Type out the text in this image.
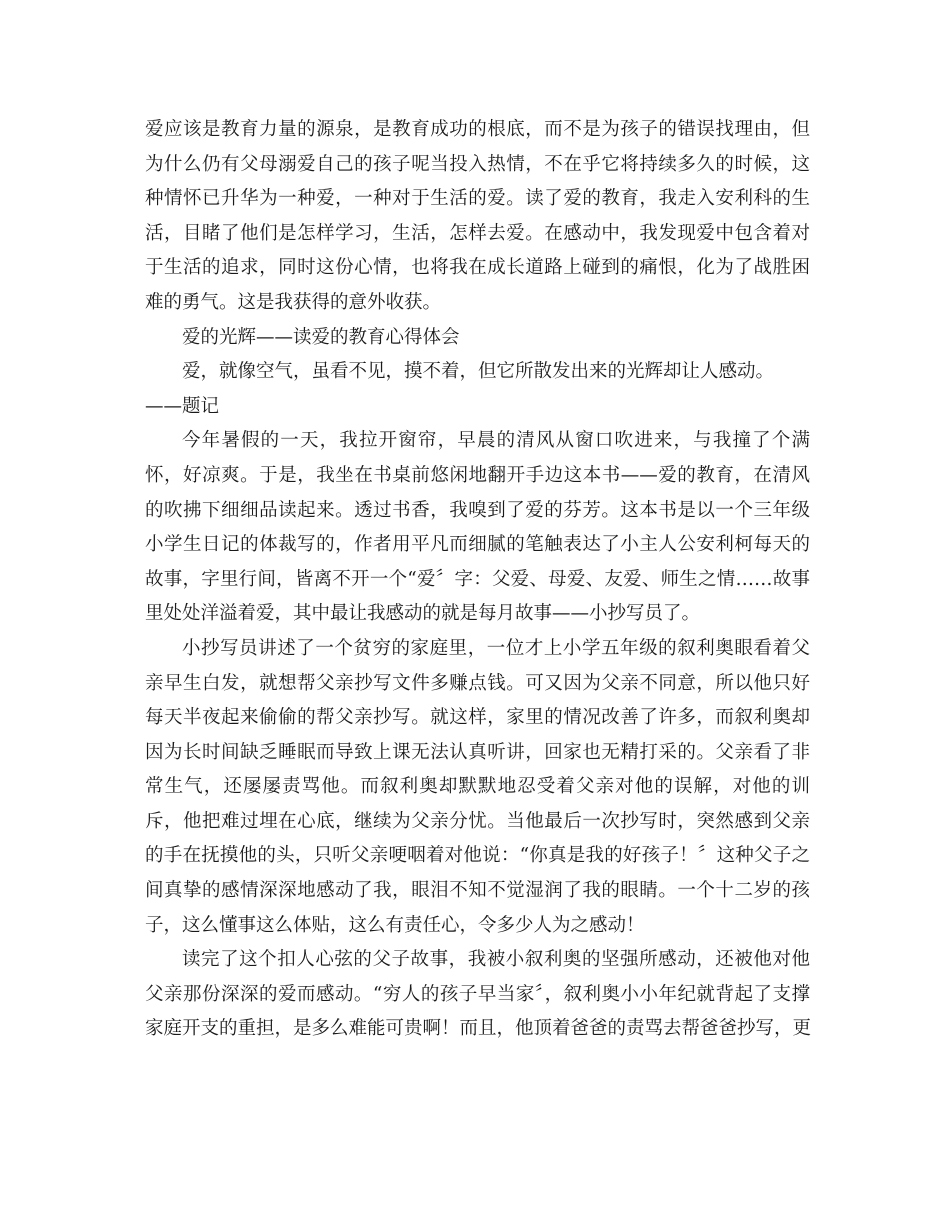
爱应该是教育力量的源泉，是教育成功的根底，而不是为孩子的错误找理由，但
为什么仍有父母溺爱自己的孩子呢当投入热情，不在乎它将持续多久的时候，这
种情怀已升华为一种爱，一种对于生活的爱。读了爱的教育，我走入安利科的生
活，目睹了他们是怎样学习，生活，怎样去爱。在感动中，我发现爱中包含着对
于生活的追求，同时这份心情，也将我在成长道路上碰到的痛恨，化为了战胜困
难的勇气。这是我获得的意外收获。
爱的光辉——读爱的教育心得体会
爱，就像空气，虽看不见，摸不着，但它所散发出来的光辉却让人感动。
——题记
今年暑假的一天，我拉开窗帘，早晨的清风从窗口吹进来，与我撞了个满
怀，好凉爽。于是，我坐在书桌前悠闲地翻开手边这本书——爱的教育，在清风
的吹拂下细细品读起来。透过书香，我嗅到了爱的芬芳。这本书是以一个三年级
小学生日记的体裁写的，作者用平凡而细腻的笔触表达了小主人公安利柯每天的
故事，字里行间，皆离不开一个“爱〞字：父爱、母爱、友爱、师生之情……故事
里处处洋溢着爱，其中最让我感动的就是每月故事——小抄写员了。
小抄写员讲述了一个贫穷的家庭里，一位才上小学五年级的叙利奥眼看着父
亲早生白发，就想帮父亲抄写文件多赚点钱。可又因为父亲不同意，所以他只好
每天半夜起来偷偷的帮父亲抄写。就这样，家里的情况改善了许多，而叙利奥却
因为长时间缺乏睡眠而导致上课无法认真听讲，回家也无精打采的。父亲看了非
常生气，还屡屡责骂他。而叙利奥却默默地忍受着父亲对他的误解，对他的训
斥，他把难过埋在心底，继续为父亲分忧。当他最后一次抄写时，突然感到父亲
的手在抚摸他的头，只听父亲哽咽着对他说：“你真是我的好孩子！〞这种父子之
间真挚的感情深深地感动了我，眼泪不知不觉湿润了我的眼睛。一个十二岁的孩
子，这么懂事这么体贴，这么有责任心，令多少人为之感动！
读完了这个扣人心弦的父子故事，我被小叙利奥的坚强所感动，还被他对他
父亲那份深深的爱而感动。“穷人的孩子早当家〞，叙利奥小小年纪就背起了支撑
家庭开支的重担，是多么难能可贵啊！而且，他顶着爸爸的责骂去帮爸爸抄写，更
